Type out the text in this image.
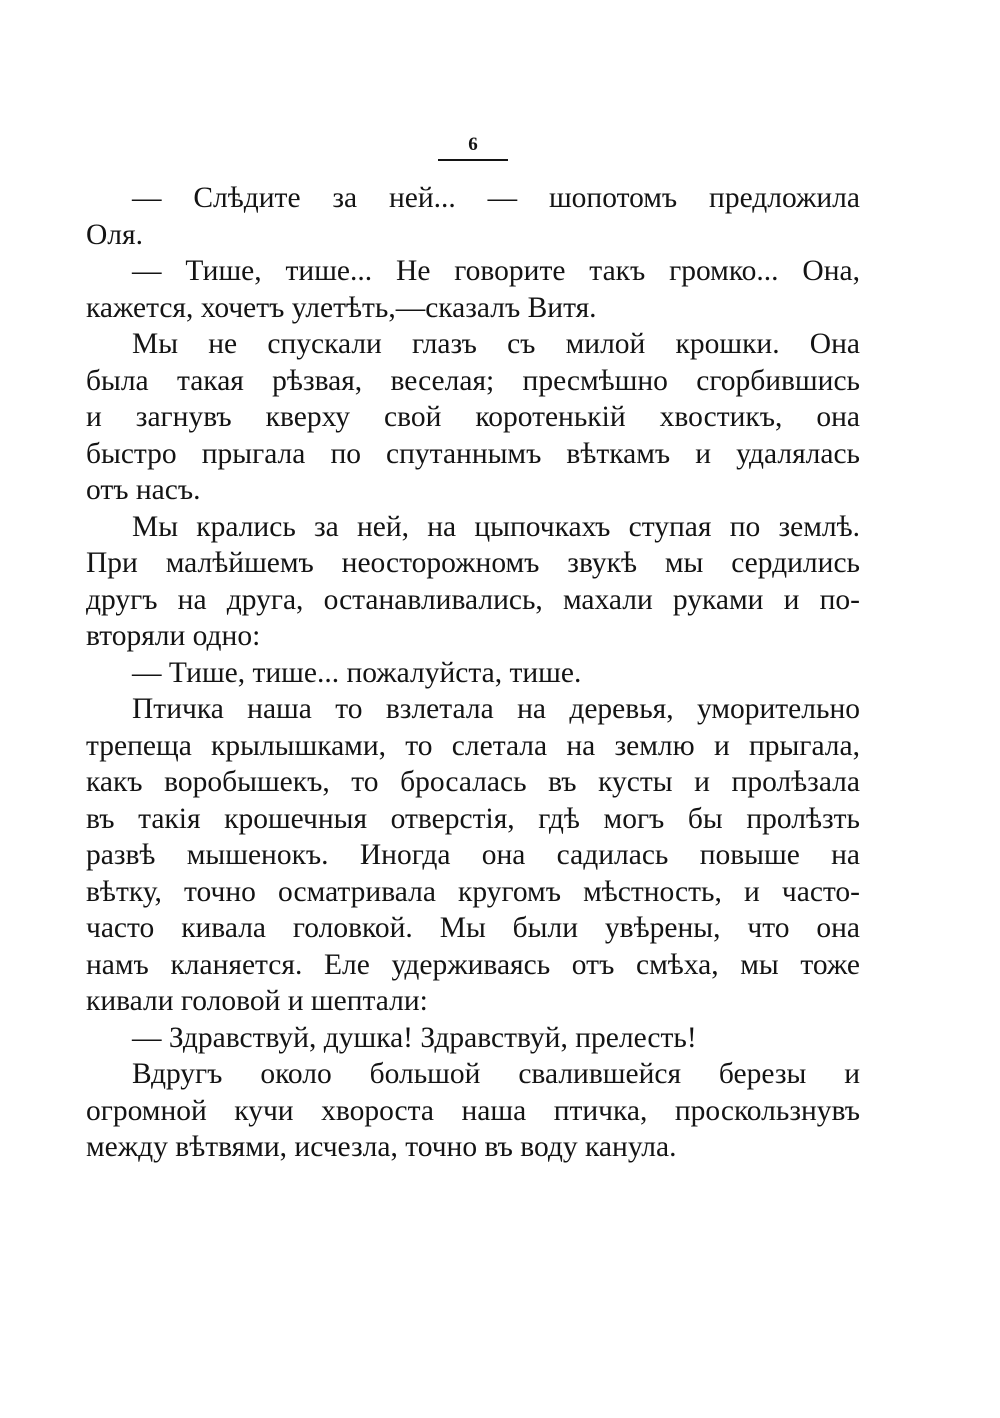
6
— Слѣдите за ней... — шопотомъ предложила
Оля.
— Тише, тише... Не говорите такъ громко... Она,
кажется, хочетъ улетѣть,—сказалъ Витя.
Мы не спускали глазъ съ милой крошки. Она
была такая рѣзвая, веселая; пресмѣшно сгорбившись
и загнувъ кверху свой коротенькій хвостикъ, она
быстро прыгала по спутаннымъ вѣткамъ и удалялась
отъ насъ.
Мы крались за ней, на цыпочкахъ ступая по землѣ.
При малѣйшемъ неосторожномъ звукѣ мы сердились
другъ на друга, останавливались, махали руками и по-
вторяли одно:
— Тише, тише... пожалуйста, тише.
Птичка наша то взлетала на деревья, уморительно
трепеща крылышками, то слетала на землю и прыгала,
какъ воробышекъ, то бросалась въ кусты и пролѣзала
въ такія крошечныя отверстія, гдѣ могъ бы пролѣзть
развѣ мышенокъ. Иногда она садилась повыше на
вѣтку, точно осматривала кругомъ мѣстность, и часто-
часто кивала головкой. Мы были увѣрены, что она
намъ кланяется. Еле удерживаясь отъ смѣха, мы тоже
кивали головой и шептали:
— Здравствуй, душка! Здравствуй, прелесть!
Вдругъ около большой свалившейся березы и
огромной кучи хвороста наша птичка, проскользнувъ
между вѣтвями, исчезла, точно въ воду канула.
